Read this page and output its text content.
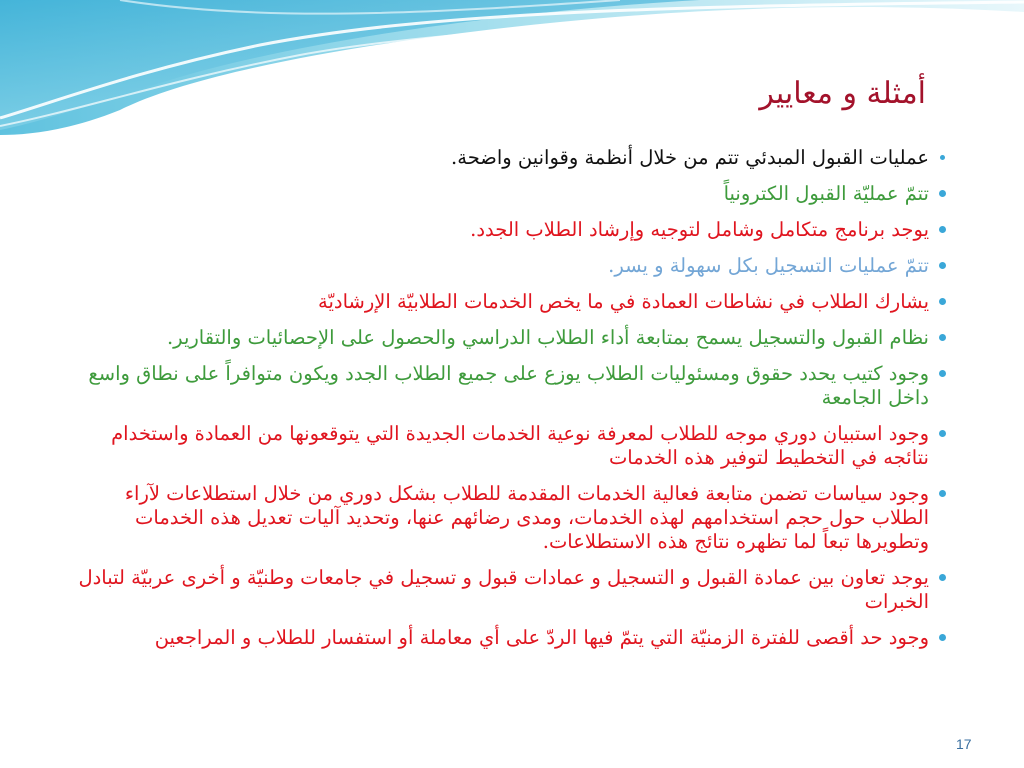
أمثلة و معايير
عمليات القبول المبدئي تتم من خلال أنظمة وقوانين واضحة.
تتمّ عمليّة القبول الكترونياً
يوجد برنامج متكامل وشامل لتوجيه وإرشاد الطلاب الجدد.
تتمّ عمليات التسجيل بكل سهولة و يسر.
يشارك الطلاب في نشاطات العمادة في ما يخص الخدمات الطلابيّة الإرشاديّة
نظام القبول والتسجيل يسمح بمتابعة أداء الطلاب الدراسي والحصول على الإحصائيات والتقارير.
وجود كتيب يحدد حقوق ومسئوليات الطلاب يوزع على جميع الطلاب الجدد ويكون متوافراً على نطاق واسع داخل الجامعة
وجود استبيان دوري موجه للطلاب لمعرفة نوعية الخدمات الجديدة التي يتوقعونها من العمادة واستخدام نتائجه في التخطيط لتوفير هذه الخدمات
وجود سياسات تضمن متابعة فعالية الخدمات المقدمة للطلاب بشكل دوري من خلال استطلاعات لآراء الطلاب حول حجم استخدامهم لهذه الخدمات، ومدى رضائهم عنها، وتحديد آليات تعديل هذه الخدمات وتطويرها تبعاً لما تظهره نتائج هذه الاستطلاعات.
يوجد تعاون بين عمادة القبول و التسجيل و عمادات قبول و تسجيل في جامعات وطنيّة و أخرى عربيّة لتبادل الخبرات
وجود حد أقصى للفترة الزمنيّة التي يتمّ فيها الردّ على أي معاملة أو استفسار للطلاب و المراجعين
17
